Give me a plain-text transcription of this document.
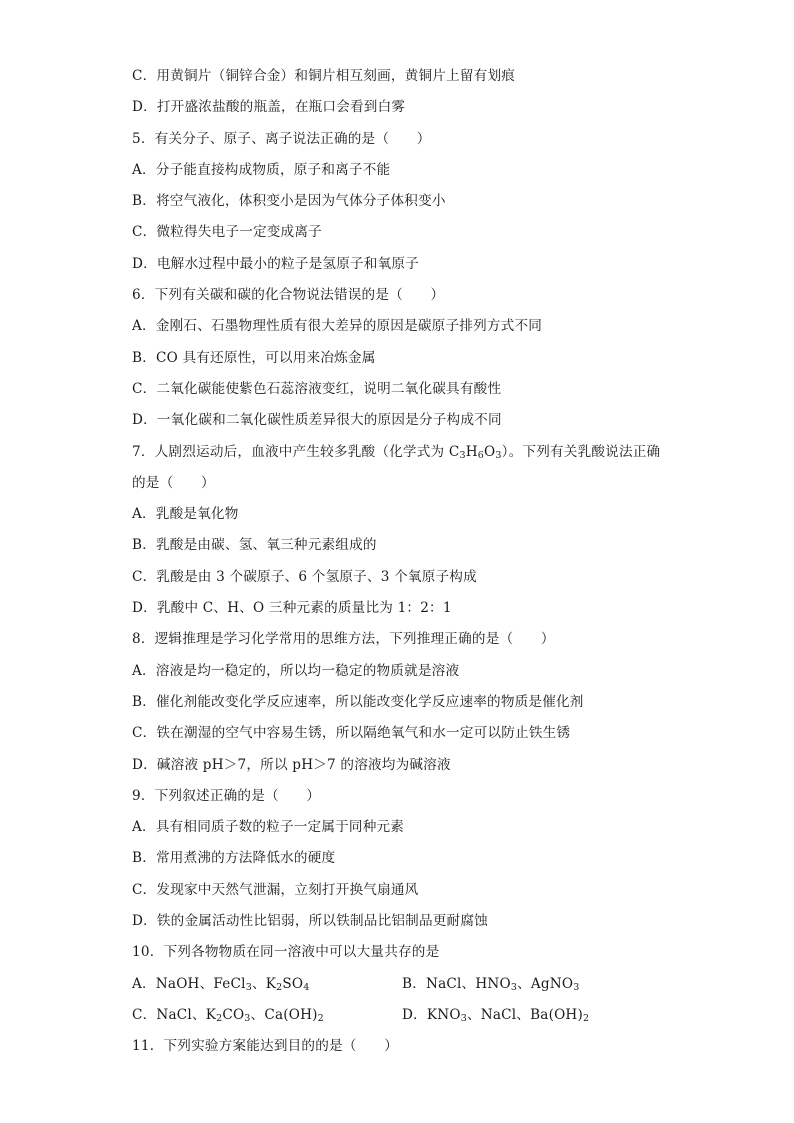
C．用黄铜片（铜锌合金）和铜片相互刻画，黄铜片上留有划痕
D．打开盛浓盐酸的瓶盖，在瓶口会看到白雾
5．有关分子、原子、离子说法正确的是（　　）
A．分子能直接构成物质，原子和离子不能
B．将空气液化，体积变小是因为气体分子体积变小
C．微粒得失电子一定变成离子
D．电解水过程中最小的粒子是氢原子和氧原子
6．下列有关碳和碳的化合物说法错误的是（　　）
A．金刚石、石墨物理性质有很大差异的原因是碳原子排列方式不同
B．CO 具有还原性，可以用来冶炼金属
C．二氧化碳能使紫色石蕊溶液变红，说明二氧化碳具有酸性
D．一氧化碳和二氧化碳性质差异很大的原因是分子构成不同
7．人剧烈运动后，血液中产生较多乳酸（化学式为 $C_3H_6O_3$）。下列有关乳酸说法正确
的是（　　）
A．乳酸是氧化物
B．乳酸是由碳、氢、氧三种元素组成的
C．乳酸是由 3 个碳原子、6 个氢原子、3 个氧原子构成
D．乳酸中 C、H、O 三种元素的质量比为 1：2：1
8．逻辑推理是学习化学常用的思维方法，下列推理正确的是（　　）
A．溶液是均一稳定的，所以均一稳定的物质就是溶液
B．催化剂能改变化学反应速率，所以能改变化学反应速率的物质是催化剂
C．铁在潮湿的空气中容易生锈，所以隔绝氧气和水一定可以防止铁生锈
D．碱溶液 pH＞7，所以 pH＞7 的溶液均为碱溶液
9．下列叙述正确的是（　　）
A．具有相同质子数的粒子一定属于同种元素
B．常用煮沸的方法降低水的硬度
C．发现家中天然气泄漏，立刻打开换气扇通风
D．铁的金属活动性比铝弱，所以铁制品比铝制品更耐腐蚀
10．下列各物物质在同一溶液中可以大量共存的是
A．NaOH、FeCl$_3$、$K_2SO_4$	B．NaCl、$HNO_3$、AgNO$_3$
C．NaCl、$K_2CO_3$、$Ca(OH)_2$	D．$KNO_3$、NaCl、$Ba(OH)_2$
11．下列实验方案能达到目的的是（　　）
